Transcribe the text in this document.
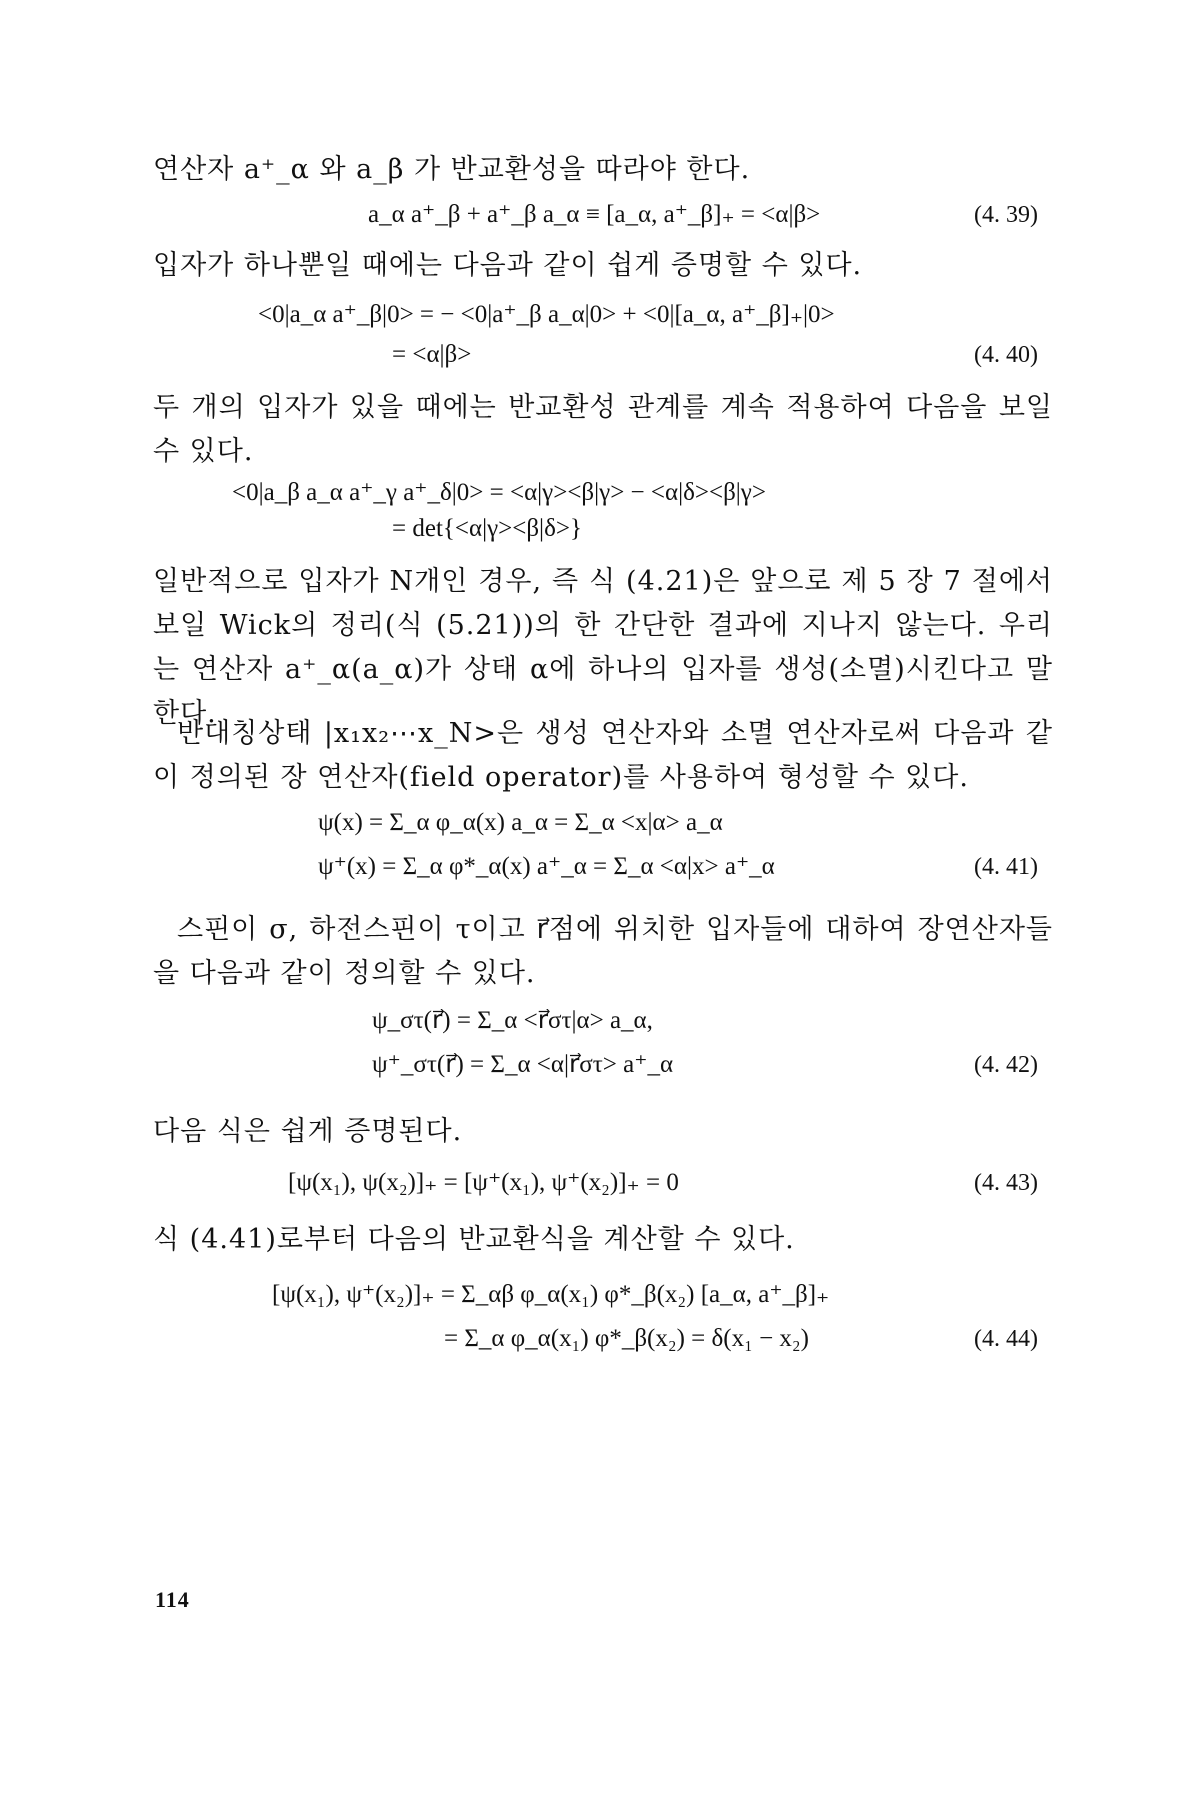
연산자 a⁺_α 와 a_β 가 반교환성을 따라야 한다.

a_α a⁺_β + a⁺_β a_α ≡ [a_α, a⁺_β]₊ = <α|β>	(4. 39)

입자가 하나뿐일 때에는 다음과 같이 쉽게 증명할 수 있다.

<0|a_α a⁺_β|0> = − <0|a⁺_β a_α|0> + <0|[a_α, a⁺_β]₊|0>
= <α|β>	(4. 40)

두 개의 입자가 있을 때에는 반교환성 관계를 계속 적용하여 다음을 보일 수 있다.

<0|a_β a_α a⁺_γ a⁺_δ|0> = <α|γ><β|γ> − <α|δ><β|γ>
= det{<α|γ><β|δ>}

일반적으로 입자가 N개인 경우, 즉 식 (4.21)은 앞으로 제 5 장 7 절에서 보일 Wick의 정리(식 (5.21))의 한 간단한 결과에 지나지 않는다. 우리는 연산자 a⁺_α(a_α)가 상태 α에 하나의 입자를 생성(소멸)시킨다고 말한다.

반대칭상태 |x₁x₂⋯x_N>은 생성 연산자와 소멸 연산자로써 다음과 같이 정의된 장 연산자(field operator)를 사용하여 형성할 수 있다.

ψ(x) = Σ_α φ_α(x) a_α = Σ_α <x|α> a_α
ψ⁺(x) = Σ_α φ*_α(x) a⁺_α = Σ_α <α|x> a⁺_α	(4. 41)

스핀이 σ, 하전스핀이 τ이고 r⃗점에 위치한 입자들에 대하여 장연산자들을 다음과 같이 정의할 수 있다.

ψ_στ(r⃗) = Σ_α <r⃗στ|α> a_α,
ψ⁺_στ(r⃗) = Σ_α <α|r⃗στ> a⁺_α	(4. 42)

다음 식은 쉽게 증명된다.

[ψ(x₁), ψ(x₂)]₊ = [ψ⁺(x₁), ψ⁺(x₂)]₊ = 0	(4. 43)

식 (4.41)로부터 다음의 반교환식을 계산할 수 있다.

[ψ(x₁), ψ⁺(x₂)]₊ = Σ_αβ φ_α(x₁) φ*_β(x₂) [a_α, a⁺_β]₊
= Σ_α φ_α(x₁) φ*_β(x₂) = δ(x₁ − x₂)	(4. 44)
114
